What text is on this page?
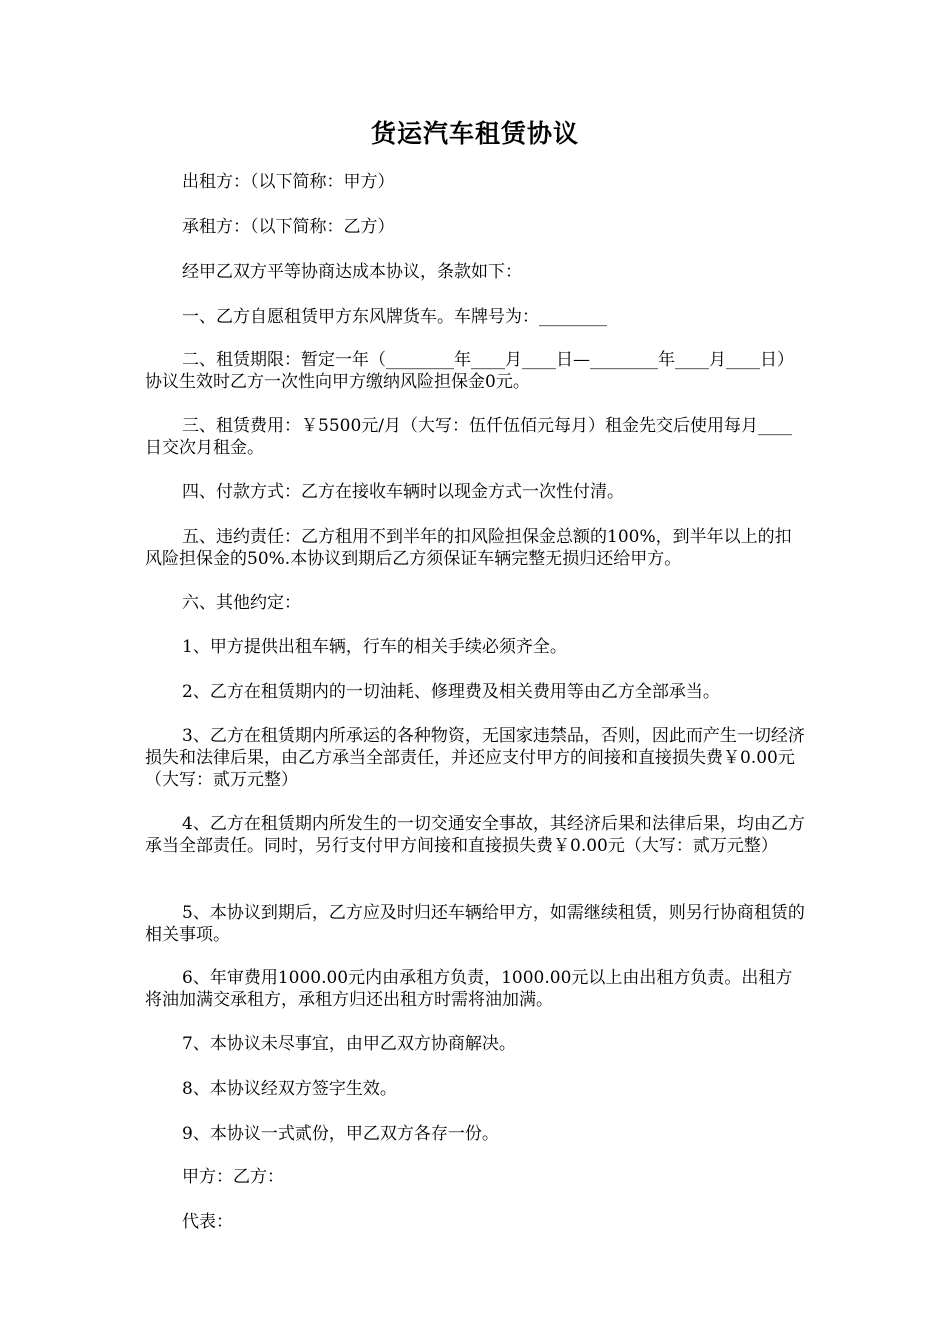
货运汽车租赁协议

出租方：（以下简称：甲方）

承租方：（以下简称：乙方）

经甲乙双方平等协商达成本协议，条款如下：

一、乙方自愿租赁甲方东风牌货车。车牌号为：________

二、租赁期限：暂定一年（________年____月____日—________年____月____日）协议生效时乙方一次性向甲方缴纳风险担保金0元。

三、租赁费用：￥5500元/月（大写：伍仟伍佰元每月）租金先交后使用每月____日交次月租金。

四、付款方式：乙方在接收车辆时以现金方式一次性付清。

五、违约责任：乙方租用不到半年的扣风险担保金总额的100%，到半年以上的扣风险担保金的50%.本协议到期后乙方须保证车辆完整无损归还给甲方。

六、其他约定：

1、甲方提供出租车辆，行车的相关手续必须齐全。

2、乙方在租赁期内的一切油耗、修理费及相关费用等由乙方全部承当。

3、乙方在租赁期内所承运的各种物资，无国家违禁品，否则，因此而产生一切经济损失和法律后果，由乙方承当全部责任，并还应支付甲方的间接和直接损失费￥0.00元（大写：贰万元整）

4、乙方在租赁期内所发生的一切交通安全事故，其经济后果和法律后果，均由乙方承当全部责任。同时，另行支付甲方间接和直接损失费￥0.00元（大写：贰万元整）

5、本协议到期后，乙方应及时归还车辆给甲方，如需继续租赁，则另行协商租赁的相关事项。

6、年审费用1000.00元内由承租方负责，1000.00元以上由出租方负责。出租方将油加满交承租方，承租方归还出租方时需将油加满。

7、本协议未尽事宜，由甲乙双方协商解决。

8、本协议经双方签字生效。

9、本协议一式贰份，甲乙双方各存一份。

甲方：乙方：

代表：
